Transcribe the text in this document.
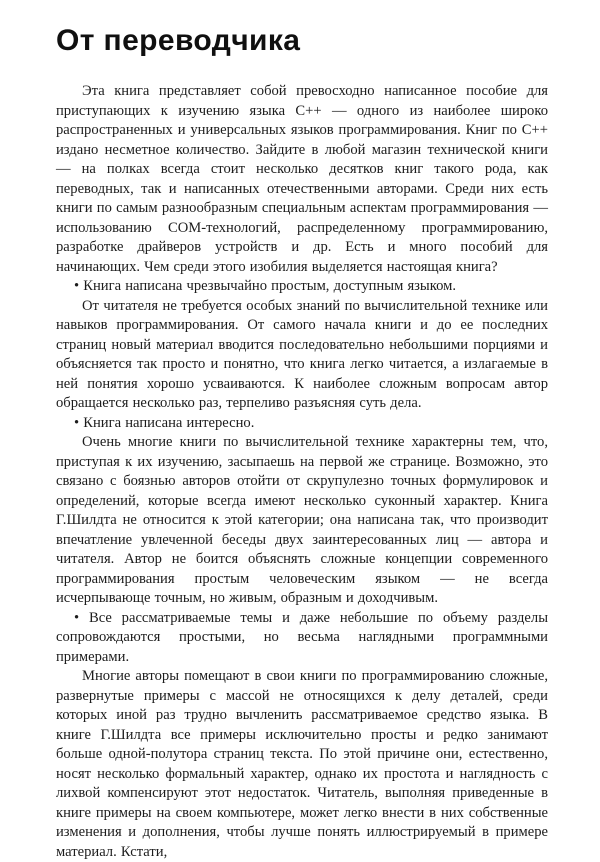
От переводчика

Эта книга представляет собой превосходно написанное пособие для приступающих к изучению языка C++ — одного из наиболее широко распространенных и универсальных языков программирования. Книг по C++ издано несметное количество. Зайдите в любой магазин технической книги — на полках всегда стоит несколько десятков книг такого рода, как переводных, так и написанных отечественными авторами. Среди них есть книги по самым разнообразным специальным аспектам программирования — использованию COM-технологий, распределенному программированию, разработке драйверов устройств и др. Есть и много пособий для начинающих. Чем среди этого изобилия выделяется настоящая книга?

• Книга написана чрезвычайно простым, доступным языком.

От читателя не требуется особых знаний по вычислительной технике или навыков программирования. От самого начала книги и до ее последних страниц новый материал вводится последовательно небольшими порциями и объясняется так просто и понятно, что книга легко читается, а излагаемые в ней понятия хорошо усваиваются. К наиболее сложным вопросам автор обращается несколько раз, терпеливо разъясняя суть дела.

• Книга написана интересно.

Очень многие книги по вычислительной технике характерны тем, что, приступая к их изучению, засыпаешь на первой же странице. Возможно, это связано с боязнью авторов отойти от скрупулезно точных формулировок и определений, которые всегда имеют несколько суконный характер. Книга Г.Шилдта не относится к этой категории; она написана так, что производит впечатление увлеченной беседы двух заинтересованных лиц — автора и читателя. Автор не боится объяснять сложные концепции современного программирования простым человеческим языком — не всегда исчерпывающе точным, но живым, образным и доходчивым.

• Все рассматриваемые темы и даже небольшие по объему разделы сопровождаются простыми, но весьма наглядными программными примерами.

Многие авторы помещают в свои книги по программированию сложные, развернутые примеры с массой не относящихся к делу деталей, среди которых иной раз трудно вычленить рассматриваемое средство языка. В книге Г.Шилдта все примеры исключительно просты и редко занимают больше одной-полутора страниц текста. По этой причине они, естественно, носят несколько формальный характер, однако их простота и наглядность с лихвой компенсируют этот недостаток. Читатель, выполняя приведенные в книге примеры на своем компьютере, может легко внести в них собственные изменения и дополнения, чтобы лучше понять иллюстрируемый в примере материал. Кстати,
